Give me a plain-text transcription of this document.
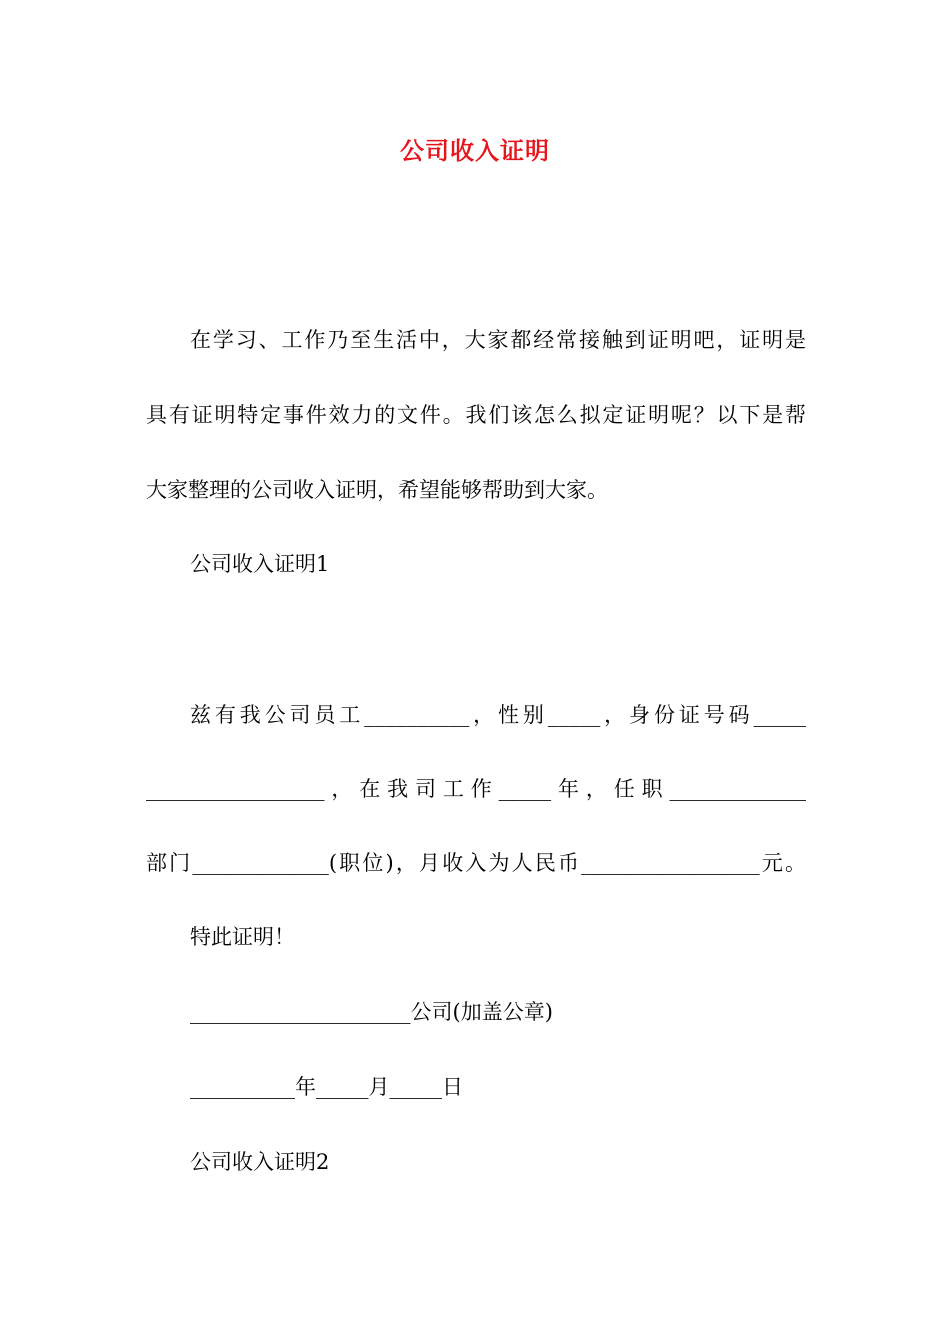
公司收入证明
在学习、工作乃至生活中，大家都经常接触到证明吧，证明是
具有证明特定事件效力的文件。我们该怎么拟定证明呢？以下是帮
大家整理的公司收入证明，希望能够帮助到大家。
公司收入证明1
兹有我公司员工__________，性别_____，身份证号码_____
_________________，在我司工作_____年，任职_____________
部门_____________(职位)，月收入为人民币_________________元。
特此证明！
_____________________公司(加盖公章)
__________年_____月_____日
公司收入证明2
